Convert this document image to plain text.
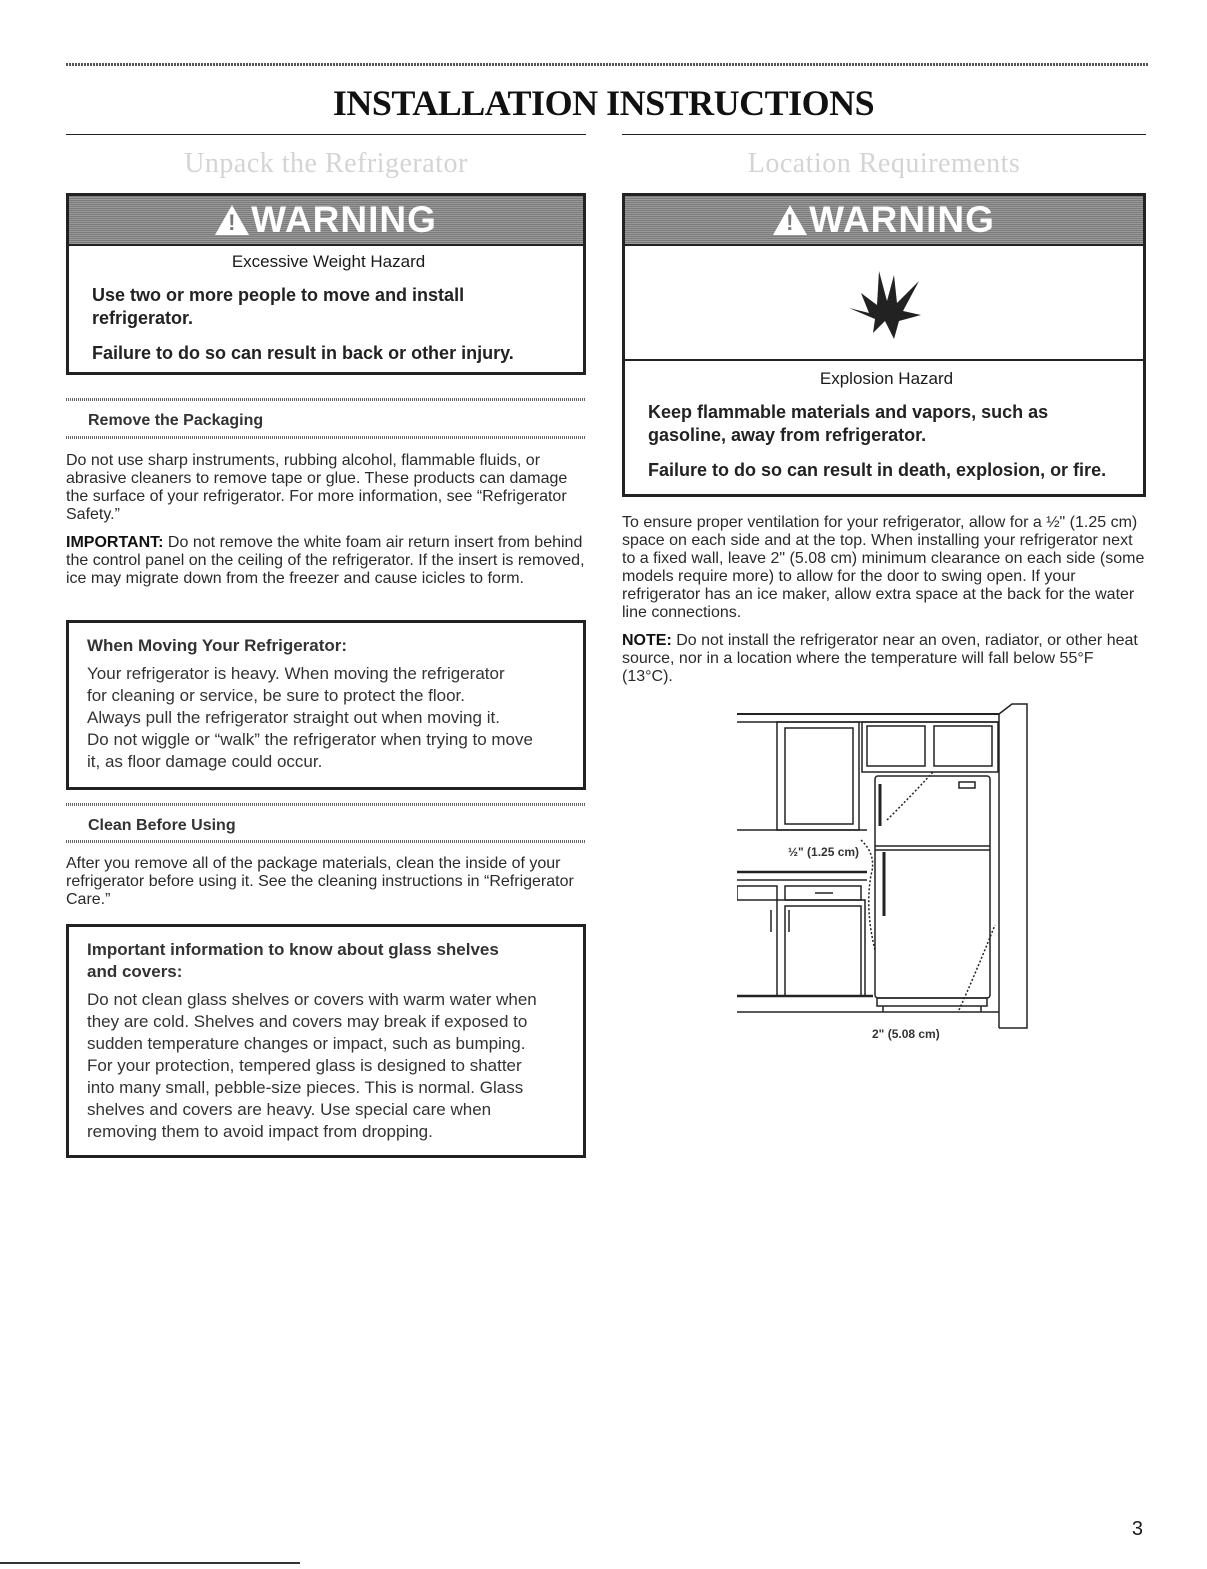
INSTALLATION INSTRUCTIONS
Unpack the Refrigerator
!
WARNING
Excessive Weight Hazard
Use two or more people to move and install refrigerator.
Failure to do so can result in back or other injury.
Remove the Packaging

Do not use sharp instruments, rubbing alcohol, flammable fluids, or abrasive cleaners to remove tape or glue. These products can damage the surface of your refrigerator. For more information, see “Refrigerator Safety.”

IMPORTANT: Do not remove the white foam air return insert from behind the control panel on the ceiling of the refrigerator. If the insert is removed, ice may migrate down from the freezer and cause icicles to form.

When Moving Your Refrigerator:
Your refrigerator is heavy. When moving the refrigerator
for cleaning or service, be sure to protect the floor.
Always pull the refrigerator straight out when moving it.
Do not wiggle or “walk” the refrigerator when trying to move
it, as floor damage could occur.
Clean Before Using

After you remove all of the package materials, clean the inside of your refrigerator before using it. See the cleaning instructions in “Refrigerator Care.”

Important information to know about glass shelves
and covers:
Do not clean glass shelves or covers with warm water when
they are cold. Shelves and covers may break if exposed to
sudden temperature changes or impact, such as bumping.
For your protection, tempered glass is designed to shatter
into many small, pebble-size pieces. This is normal. Glass
shelves and covers are heavy. Use special care when
removing them to avoid impact from dropping.
Location Requirements
!
WARNING
Explosion Hazard
Keep flammable materials and vapors, such as gasoline, away from refrigerator.
Failure to do so can result in death, explosion, or fire.

To ensure proper ventilation for your refrigerator, allow for a ½" (1.25 cm) space on each side and at the top. When installing your refrigerator next to a fixed wall, leave 2" (5.08 cm) minimum clearance on each side (some models require more) to allow for the door to swing open. If your refrigerator has an ice maker, allow extra space at the back for the water line connections.

NOTE: Do not install the refrigerator near an oven, radiator, or other heat source, nor in a location where the temperature will fall below 55°F (13°C).

½" (1.25 cm)
2" (5.08 cm)
3
